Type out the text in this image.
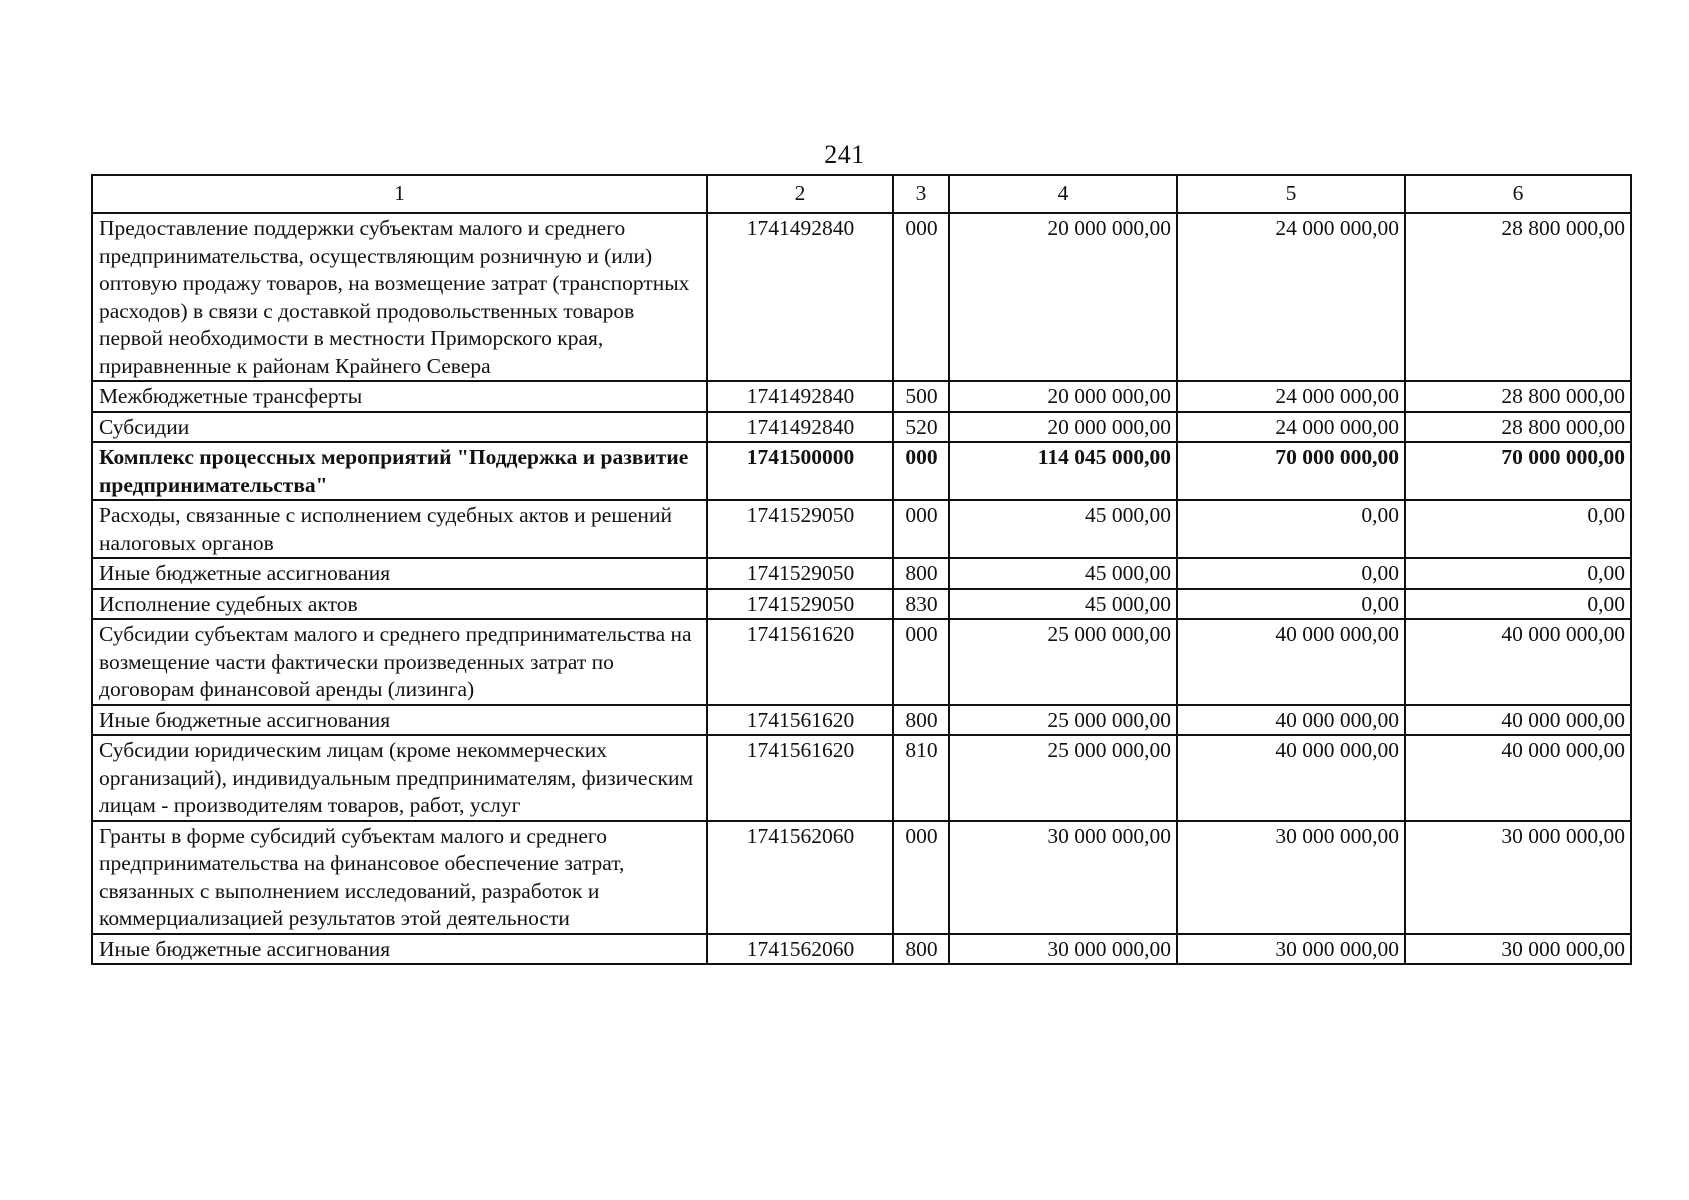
241
1	2	3	4	5	6
Предоставление поддержки субъектам малого и среднего предпринимательства, осуществляющим розничную и (или) оптовую продажу товаров, на возмещение затрат (транспортных расходов) в связи с доставкой продовольственных товаров первой необходимости в местности Приморского края, приравненные к районам Крайнего Севера	1741492840	000	20 000 000,00	24 000 000,00	28 800 000,00
Межбюджетные трансферты	1741492840	500	20 000 000,00	24 000 000,00	28 800 000,00
Субсидии	1741492840	520	20 000 000,00	24 000 000,00	28 800 000,00
Комплекс процессных мероприятий "Поддержка и развитие предпринимательства"	1741500000	000	114 045 000,00	70 000 000,00	70 000 000,00
Расходы, связанные с исполнением судебных актов и решений налоговых органов	1741529050	000	45 000,00	0,00	0,00
Иные бюджетные ассигнования	1741529050	800	45 000,00	0,00	0,00
Исполнение судебных актов	1741529050	830	45 000,00	0,00	0,00
Субсидии субъектам малого и среднего предпринимательства на возмещение части фактически произведенных затрат по договорам финансовой аренды (лизинга)	1741561620	000	25 000 000,00	40 000 000,00	40 000 000,00
Иные бюджетные ассигнования	1741561620	800	25 000 000,00	40 000 000,00	40 000 000,00
Субсидии юридическим лицам (кроме некоммерческих организаций), индивидуальным предпринимателям, физическим лицам - производителям товаров, работ, услуг	1741561620	810	25 000 000,00	40 000 000,00	40 000 000,00
Гранты в форме субсидий субъектам малого и среднего предпринимательства на финансовое обеспечение затрат, связанных с выполнением исследований, разработок и коммерциализацией результатов этой деятельности	1741562060	000	30 000 000,00	30 000 000,00	30 000 000,00
Иные бюджетные ассигнования	1741562060	800	30 000 000,00	30 000 000,00	30 000 000,00
